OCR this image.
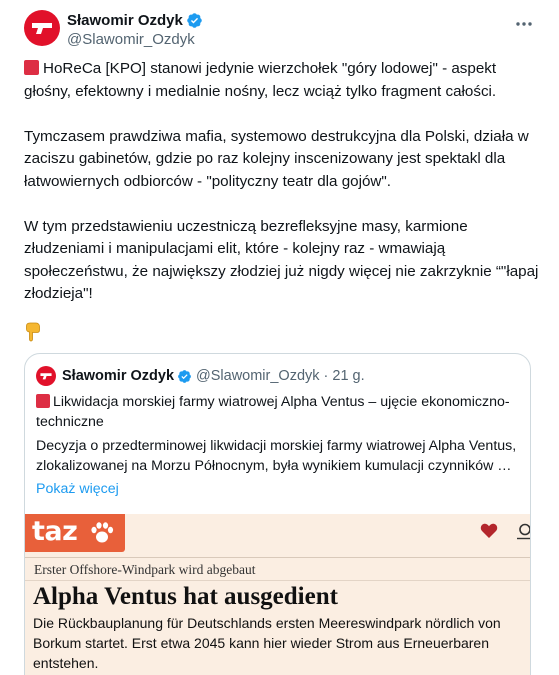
Sławomir Ozdyk
@Slawomir_Ozdyk

HoReCa [KPO] stanowi jedynie wierzchołek "góry lodowej" - aspekt głośny, efektowny i medialnie nośny, lecz wciąż tylko fragment całości.

Tymczasem prawdziwa mafia, systemowo destrukcyjna dla Polski, działa w zaciszu gabinetów, gdzie po raz kolejny inscenizowany jest spektakl dla łatwowiernych odbiorców - "polityczny teatr dla gojów".

W tym przedstawieniu uczestniczą bezrefleksyjne masy, karmione złudzeniami i manipulacjami elit, które - kolejny raz - wmawiają społeczeństwu, że największy złodziej już nigdy więcej nie zakrzyknie “"łapaj złodzieja"!

Sławomir Ozdyk @Slawomir_Ozdyk · 21 g.
Likwidacja morskiej farmy wiatrowej Alpha Ventus – ujęcie ekonomiczno-techniczne
Decyzja o przedterminowej likwidacji morskiej farmy wiatrowej Alpha Ventus, zlokalizowanej na Morzu Północnym, była wynikiem kumulacji czynników …
Pokaż więcej
taz
Erster Offshore-Windpark wird abgebaut
Alpha Ventus hat ausgedient
Die Rückbauplanung für Deutschlands ersten Meereswindpark nördlich von Borkum startet. Erst etwa 2045 kann hier wieder Strom aus Erneuerbaren entstehen.
